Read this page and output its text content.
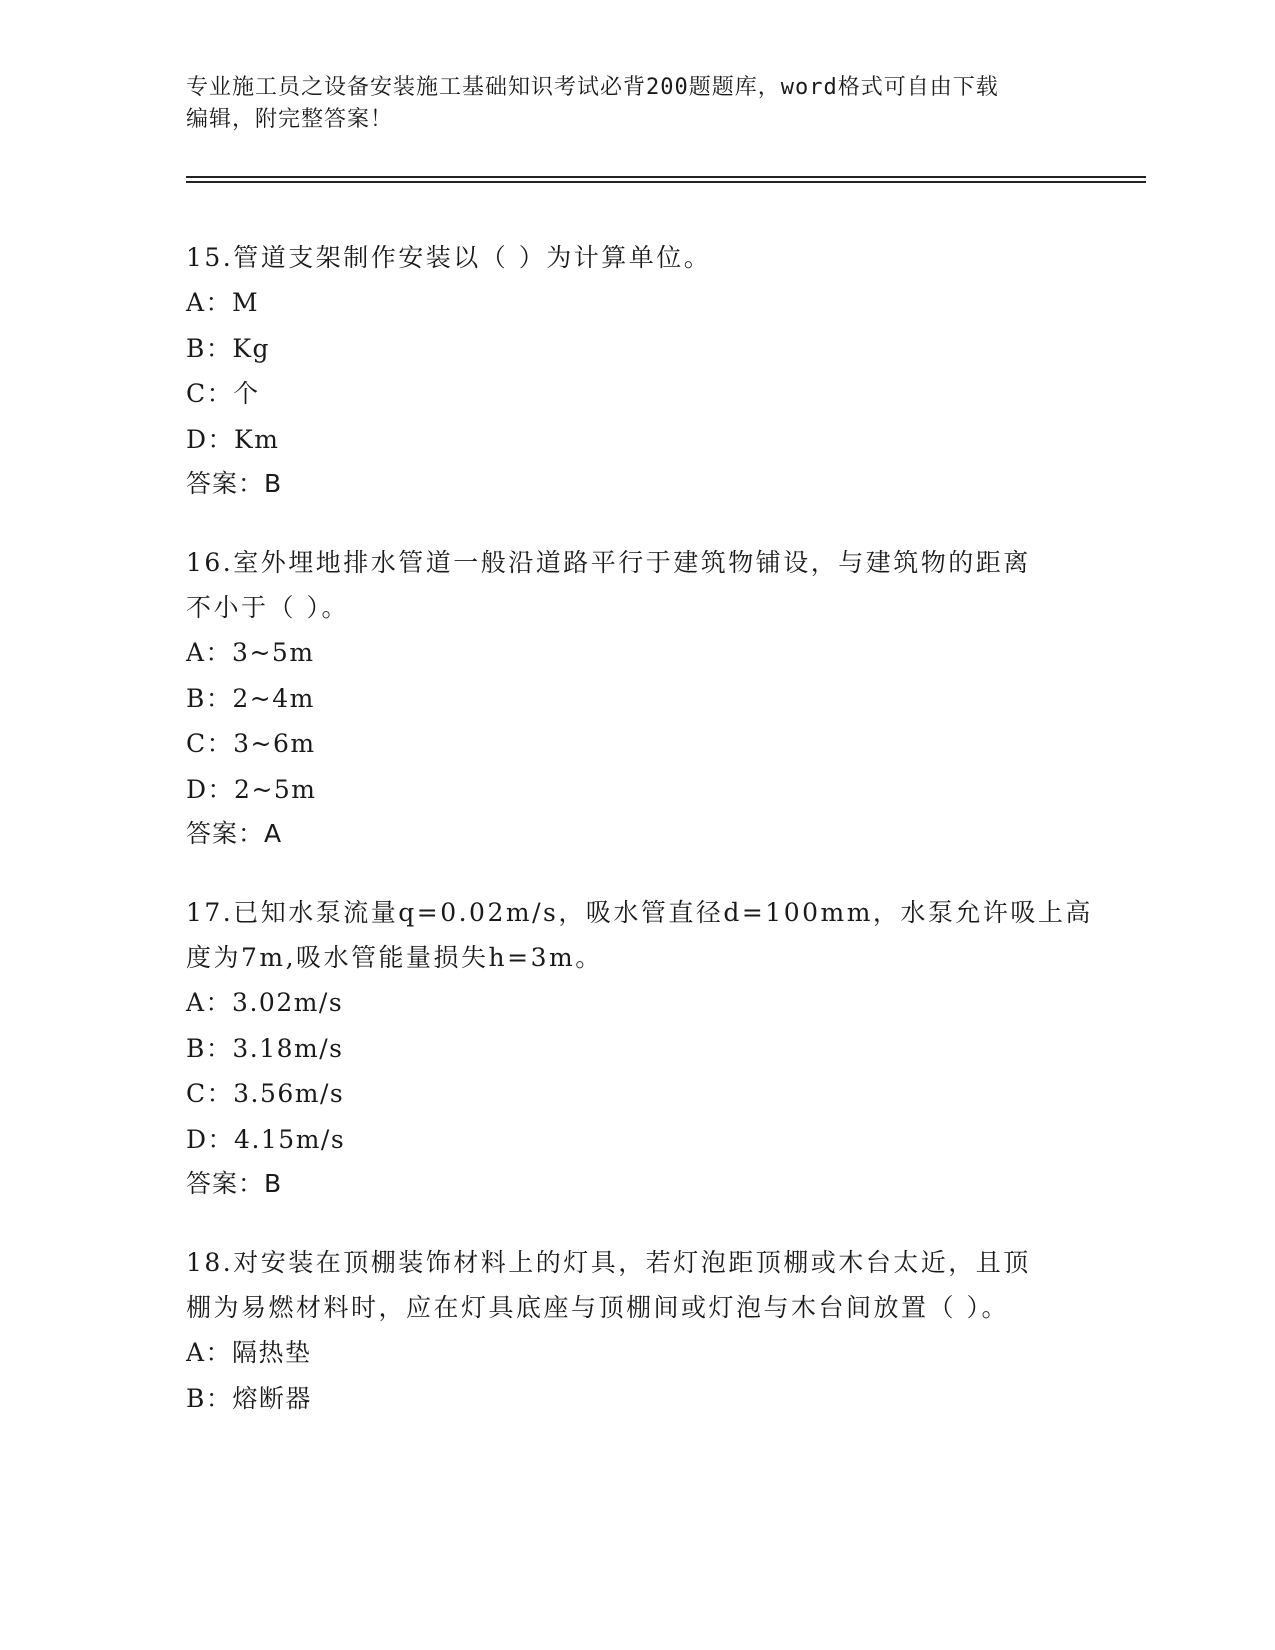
专业施工员之设备安装施工基础知识考试必背200题题库，word格式可自由下载
编辑，附完整答案！
15.管道支架制作安装以（ ）为计算单位。
A：M
B：Kg
C：个
D：Km
答案：B
16.室外埋地排水管道一般沿道路平行于建筑物铺设，与建筑物的距离
不小于（ ）。
A：3~5m
B：2~4m
C：3~6m
D：2~5m
答案：A
17.已知水泵流量q=0.02m/s，吸水管直径d=100mm，水泵允许吸上高
度为7m,吸水管能量损失h=3m。
A：3.02m/s
B：3.18m/s
C：3.56m/s
D：4.15m/s
答案：B
18.对安装在顶棚装饰材料上的灯具，若灯泡距顶棚或木台太近，且顶
棚为易燃材料时，应在灯具底座与顶棚间或灯泡与木台间放置（ ）。
A：隔热垫
B：熔断器
